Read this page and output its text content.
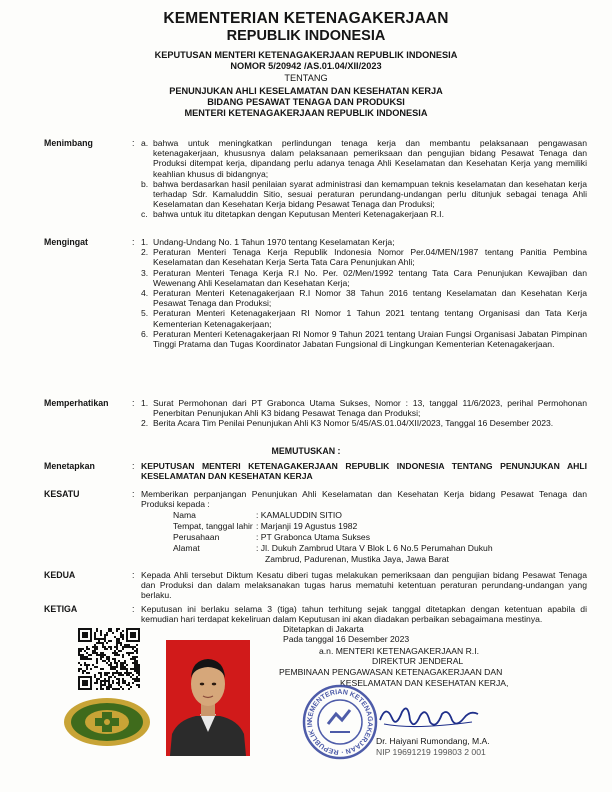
KEMENTERIAN KETENAGAKERJAAN
REPUBLIK INDONESIA
KEPUTUSAN MENTERI KETENAGAKERJAAN REPUBLIK INDONESIA
NOMOR 5/20942 /AS.01.04/XII/2023
TENTANG
PENUNJUKAN AHLI KESELAMATAN DAN KESEHATAN KERJA
BIDANG PESAWAT TENAGA DAN PRODUKSI
MENTERI KETENAGAKERJAAN REPUBLIK INDONESIA
Menimbang	: a. bahwa untuk meningkatkan perlindungan tenaga kerja dan membantu pelaksanaan pengawasan ketenagakerjaan, khususnya dalam pelaksanaan pemeriksaan dan pengujian bidang Pesawat Tenaga dan Produksi ditempat kerja, dipandang perlu adanya tenaga Ahli Keselamatan dan Kesehatan Kerja yang memiliki keahlian khusus di bidangnya;
b. bahwa berdasarkan hasil penilaian syarat administrasi dan kemampuan teknis keselamatan dan kesehatan kerja terhadap Sdr. Kamaluddin Sitio, sesuai peraturan perundang-undangan perlu ditunjuk sebagai tenaga Ahli Keselamatan dan Kesehatan Kerja bidang Pesawat Tenaga dan Produksi;
c. bahwa untuk itu ditetapkan dengan Keputusan Menteri Ketenagakerjaan R.I.
Mengingat	: 1. Undang-Undang No. 1 Tahun 1970 tentang Keselamatan Kerja;
2. Peraturan Menteri Tenaga Kerja Republik Indonesia Nomor Per.04/MEN/1987 tentang Panitia Pembina Keselamatan dan Kesehatan Kerja Serta Tata Cara Penunjukan Ahli;
3. Peraturan Menteri Tenaga Kerja R.I No. Per. 02/Men/1992 tentang Tata Cara Penunjukan Kewajiban dan Wewenang Ahli Keselamatan dan Kesehatan Kerja;
4. Peraturan Menteri Ketenagakerjaan R.I Nomor 38 Tahun 2016 tentang Keselamatan dan Kesehatan Kerja Pesawat Tenaga dan Produksi;
5. Peraturan Menteri Ketenagakerjaan RI Nomor 1 Tahun 2021 tentang tentang Organisasi dan Tata Kerja Kementerian Ketenagakerjaan;
6. Peraturan Menteri Ketenagakerjaan RI Nomor 9 Tahun 2021 tentang Uraian Fungsi Organisasi Jabatan Pimpinan Tinggi Pratama dan Tugas Koordinator Jabatan Fungsional di Lingkungan Kementerian Ketenagakerjaan.
Memperhatikan	: 1. Surat Permohonan dari PT Grabonca Utama Sukses, Nomor : 13, tanggal 11/6/2023, perihal Permohonan Penerbitan Penunjukan Ahli K3 bidang Pesawat Tenaga dan Produksi;
2. Berita Acara Tim Penilai Penunjukan Ahli K3 Nomor 5/45/AS.01.04/XII/2023, Tanggal 16 Desember 2023.
MEMUTUSKAN :
Menetapkan	: KEPUTUSAN MENTERI KETENAGAKERJAAN REPUBLIK INDONESIA TENTANG PENUNJUKAN AHLI KESELAMATAN DAN KESEHATAN KERJA
KESATU	: Memberikan perpanjangan Penunjukan Ahli Keselamatan dan Kesehatan Kerja bidang Pesawat Tenaga dan Produksi kepada :
Nama	: KAMALUDDIN SITIO
Tempat, tanggal lahir : Marjanji 19 Agustus 1982
Perusahaan	: PT Grabonca Utama Sukses
Alamat	: Jl. Dukuh Zambrud Utara V Blok L 6 No.5 Perumahan Dukuh
Zambrud, Padurenan, Mustika Jaya, Jawa Barat
KEDUA	: Kepada Ahli tersebut Diktum Kesatu diberi tugas melakukan pemeriksaan dan pengujian bidang Pesawat Tenaga dan Produksi dan dalam melaksanakan tugas harus mematuhi ketentuan peraturan perundang-undangan yang berlaku.
KETIGA	: Keputusan ini berlaku selama 3 (tiga) tahun terhitung sejak tanggal ditetapkan dengan ketentuan apabila di kemudian hari terdapat kekeliruan dalam Keputusan ini akan diadakan perbaikan sebagaimana mestinya.
Ditetapkan di Jakarta
Pada tanggal 16 Desember 2023
a.n. MENTERI KETENAGAKERJAAN R.I.
DIREKTUR JENDERAL
PEMBINAAN PENGAWASAN KETENAGAKERJAAN DAN
KESELAMATAN DAN KESEHATAN KERJA,
KEMENTERIAN KETENAGAKERJAAN · REPUBLIK IN
Dr. Haiyani Rumondang, M.A.
NIP 19691219 199803 2 001
